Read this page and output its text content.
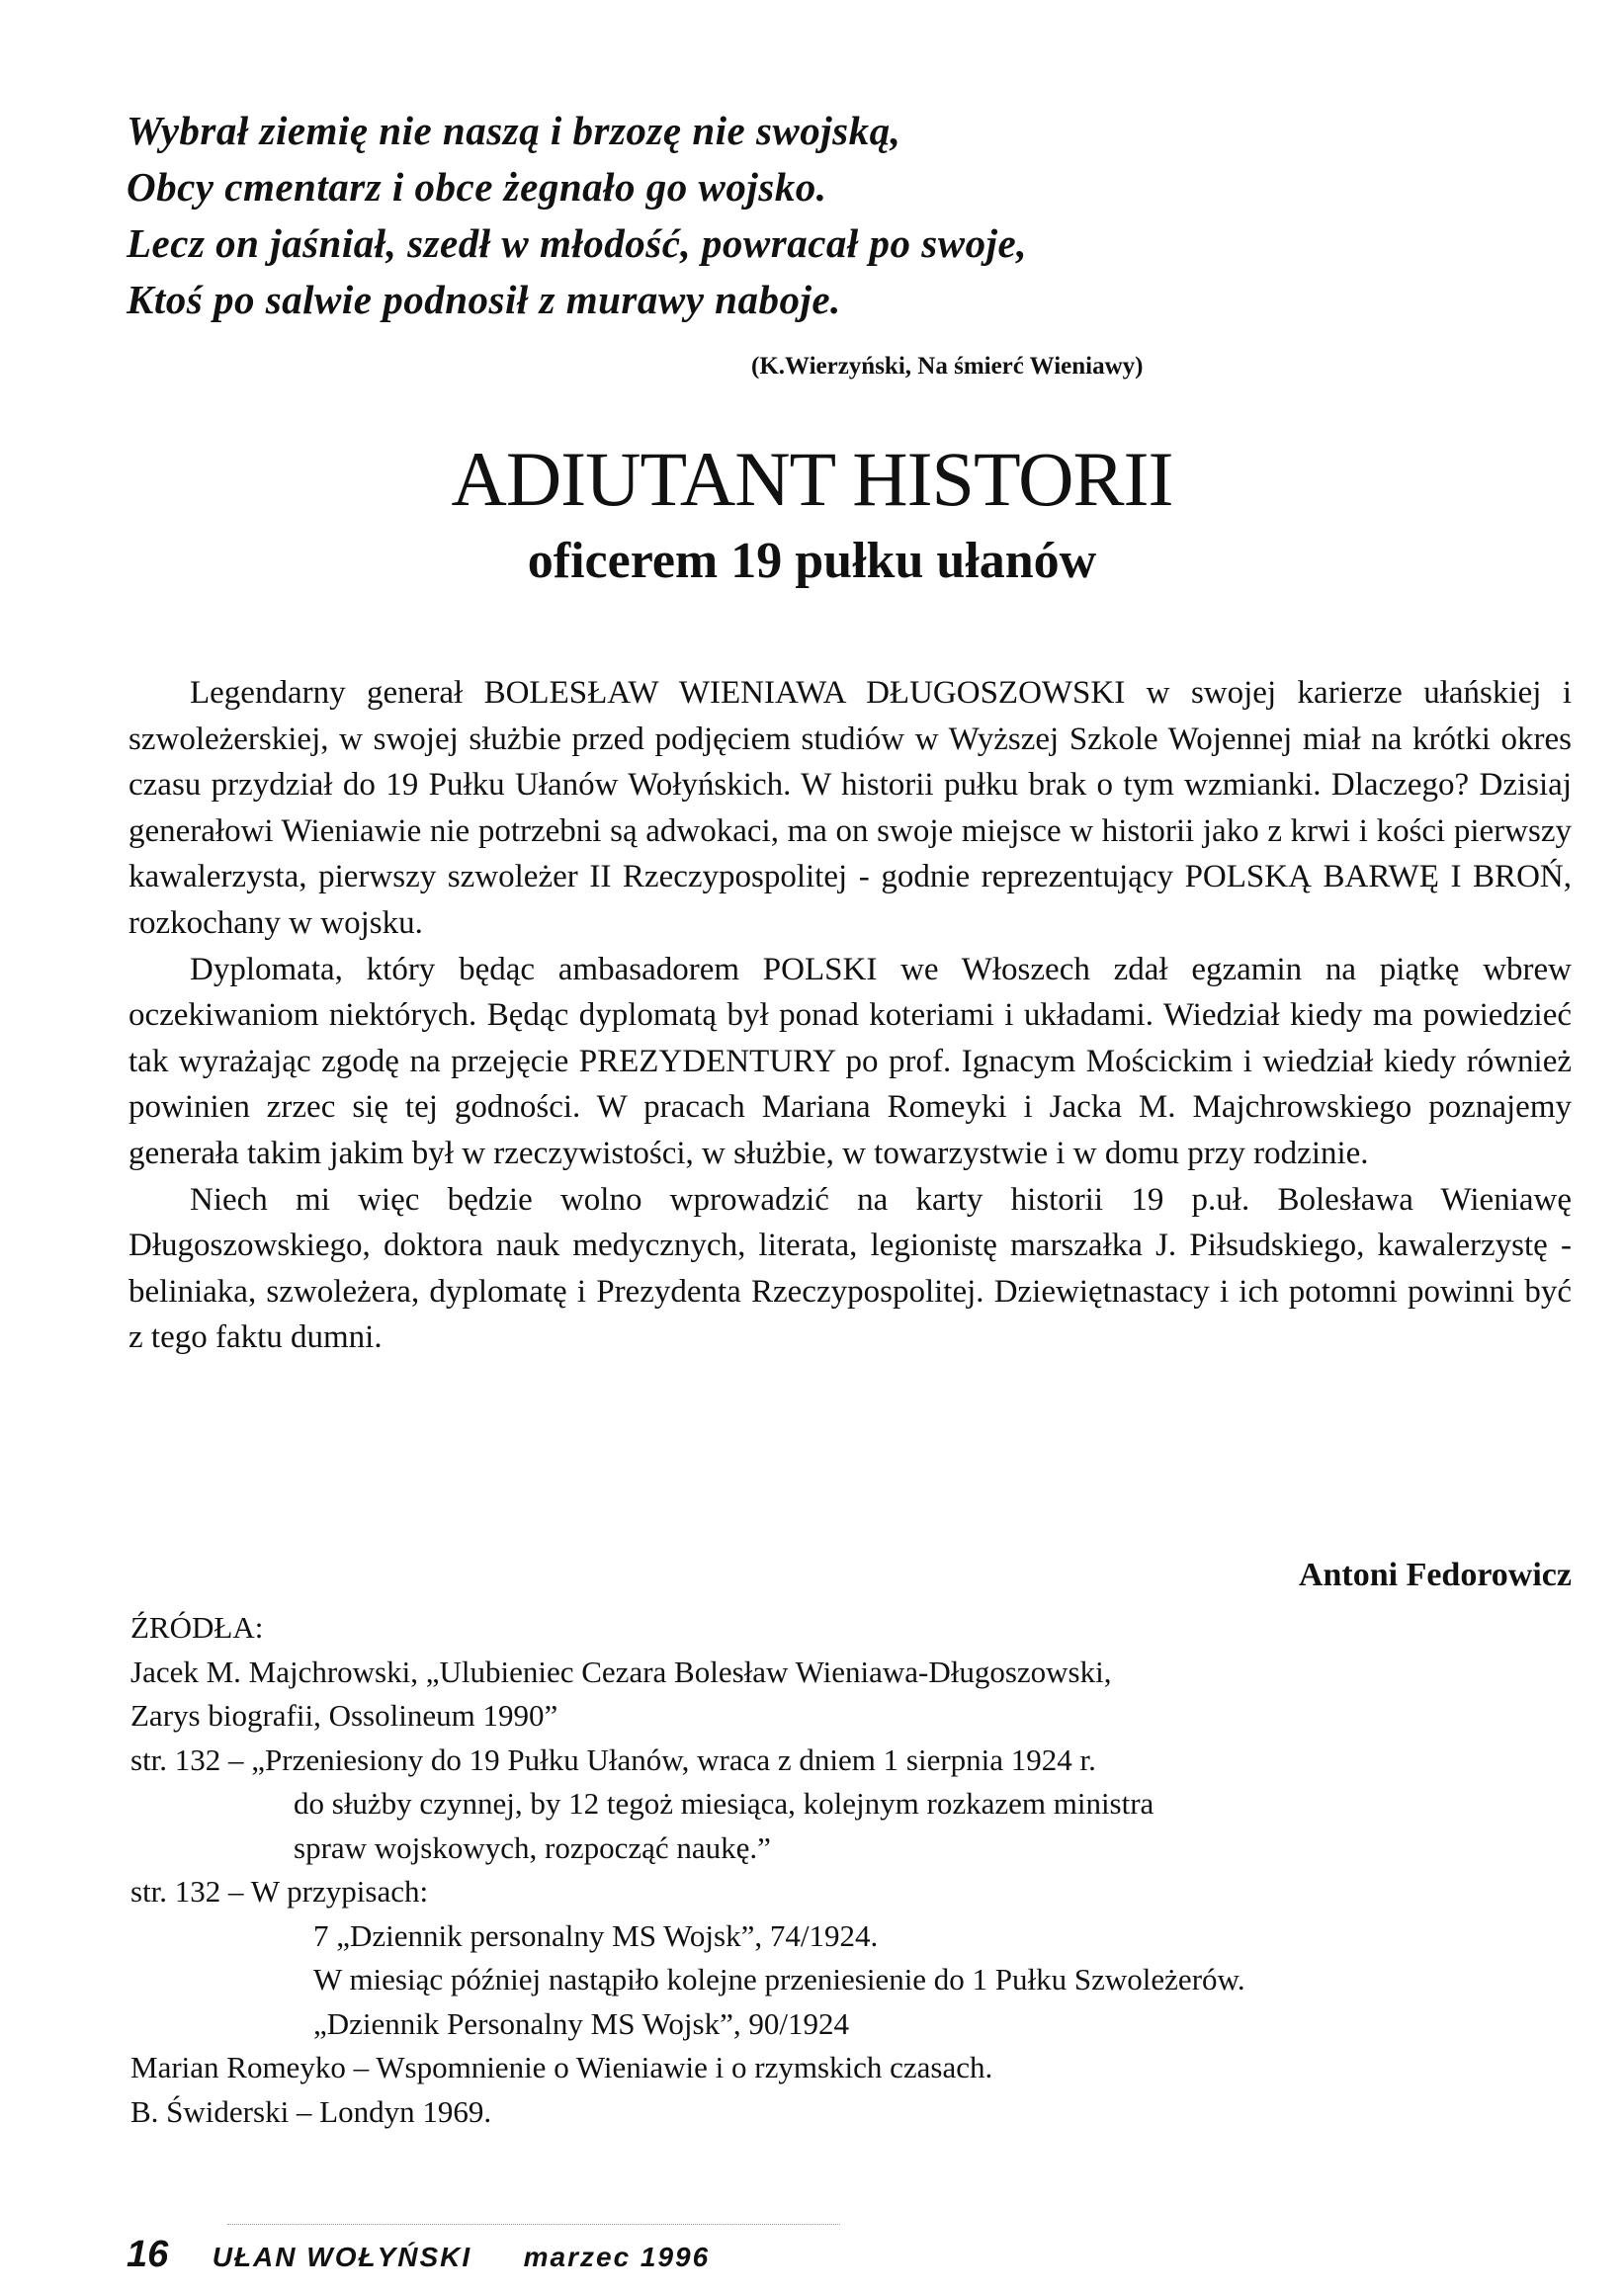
Wybrał ziemię nie naszą i brzozę nie swojską,
Obcy cmentarz i obce żegnało go wojsko.
Lecz on jaśniał, szedł w młodość, powracał po swoje,
Ktoś po salwie podnosił z murawy naboje.
(K.Wierzyński, Na śmierć Wieniawy)
ADIUTANT HISTORII
oficerem 19 pułku ułanów

Legendarny generał BOLESŁAW WIENIAWA DŁUGOSZOWSKI w swojej karierze ułańskiej i szwoleżerskiej, w swojej służbie przed podjęciem studiów w Wyższej Szkole Wojennej miał na krótki okres czasu przydział do 19 Pułku Ułanów Wołyńskich. W historii pułku brak o tym wzmianki. Dlaczego? Dzisiaj generałowi Wieniawie nie potrzebni są adwokaci, ma on swoje miejsce w historii jako z krwi i kości pierwszy kawalerzysta, pierwszy szwoleżer II Rzeczypospolitej - godnie reprezentujący POLSKĄ BARWĘ I BROŃ, rozkochany w wojsku.

Dyplomata, który będąc ambasadorem POLSKI we Włoszech zdał egzamin na piątkę wbrew oczekiwaniom niektórych. Będąc dyplomatą był ponad koteriami i układami. Wiedział kiedy ma powiedzieć tak wyrażając zgodę na przejęcie PREZYDENTURY po prof. Ignacym Mościckim i wiedział kiedy również powinien zrzec się tej godności. W pracach Mariana Romeyki i Jacka M. Majchrowskiego poznajemy generała takim jakim był w rzeczywistości, w służbie, w towarzystwie i w domu przy rodzinie.

Niech mi więc będzie wolno wprowadzić na karty historii 19 p.uł. Bolesława Wieniawę Długoszowskiego, doktora nauk medycznych, literata, legionistę marszałka J. Piłsudskiego, kawalerzystę - beliniaka, szwoleżera, dyplomatę i Prezydenta Rzeczypospolitej. Dziewiętnastacy i ich potomni powinni być z tego faktu dumni.

Antoni Fedorowicz
ŹRÓDŁA:
Jacek M. Majchrowski, „Ulubieniec Cezara Bolesław Wieniawa-Długoszowski,
Zarys biografii, Ossolineum 1990”
str. 132 – „Przeniesiony do 19 Pułku Ułanów, wraca z dniem 1 sierpnia 1924 r.
do służby czynnej, by 12 tegoż miesiąca, kolejnym rozkazem ministra
spraw wojskowych, rozpocząć naukę.”
str. 132 – W przypisach:
7 „Dziennik personalny MS Wojsk”, 74/1924.
W miesiąc później nastąpiło kolejne przeniesienie do 1 Pułku Szwoleżerów.
„Dziennik Personalny MS Wojsk”, 90/1924
Marian Romeyko – Wspomnienie o Wieniawie i o rzymskich czasach.
B. Świderski – Londyn 1969.
16 UŁAN WOŁYŃSKI marzec 1996
